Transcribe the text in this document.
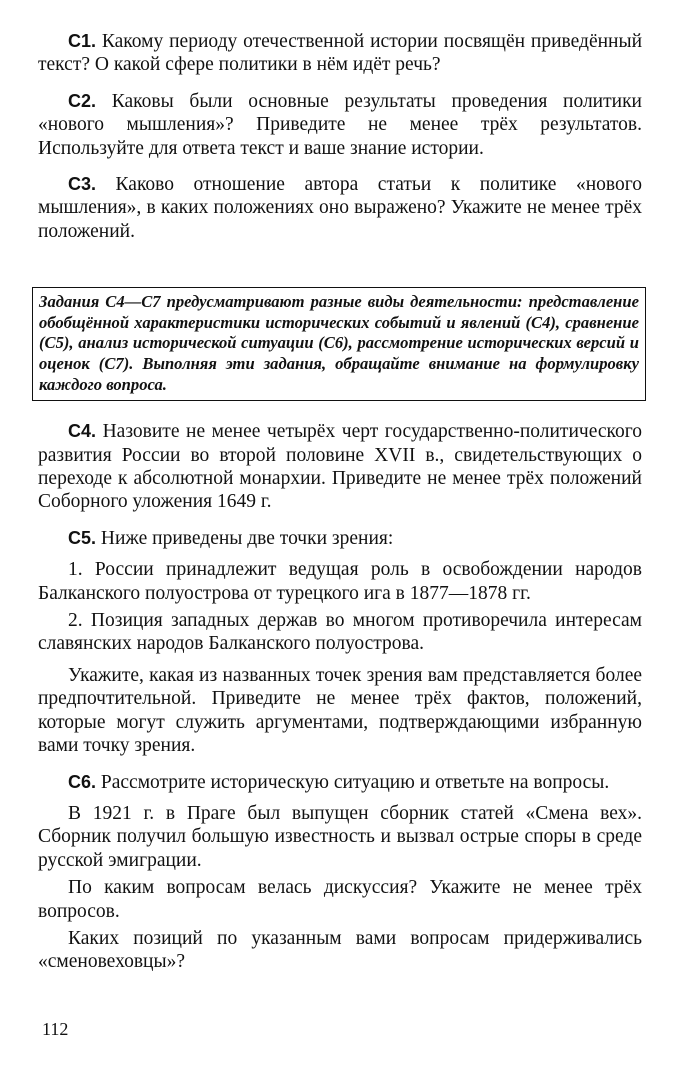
С1. Какому периоду отечественной истории посвящён приведённый текст? О какой сфере политики в нём идёт речь?

С2. Каковы были основные результаты проведения политики «нового мышления»? Приведите не менее трёх результатов. Используйте для ответа текст и ваше знание истории.

С3. Каково отношение автора статьи к политике «нового мышления», в каких положениях оно выражено? Укажите не менее трёх положений.

Задания С4—С7 предусматривают разные виды деятельности: представление обобщённой характеристики исторических событий и явлений (С4), сравнение (С5), анализ исторической ситуации (С6), рассмотрение исторических версий и оценок (С7). Выполняя эти задания, обращайте внимание на формулировку каждого вопроса.

С4. Назовите не менее четырёх черт государственно-политического развития России во второй половине XVII в., свидетельствующих о переходе к абсолютной монархии. Приведите не менее трёх положений Соборного уложения 1649 г.

С5. Ниже приведены две точки зрения:

1. России принадлежит ведущая роль в освобождении народов Балканского полуострова от турецкого ига в 1877—1878 гг.

2. Позиция западных держав во многом противоречила интересам славянских народов Балканского полуострова.

Укажите, какая из названных точек зрения вам представляется более предпочтительной. Приведите не менее трёх фактов, положений, которые могут служить аргументами, подтверждающими избранную вами точку зрения.

С6. Рассмотрите историческую ситуацию и ответьте на вопросы.

В 1921 г. в Праге был выпущен сборник статей «Смена вех». Сборник получил большую известность и вызвал острые споры в среде русской эмиграции.

По каким вопросам велась дискуссия? Укажите не менее трёх вопросов.

Каких позиций по указанным вами вопросам придерживались «сменовеховцы»?

112
